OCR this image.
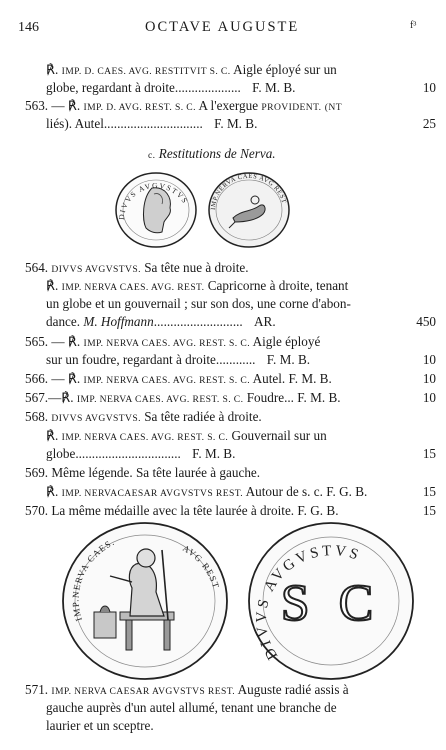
146	OCTAVE AUGUSTE	f³
℟. IMP. D. CAES. AVG. RESTITVIT S. C. Aigle éployé sur un
globe, regardant à droite.................... F. M. B.	10
563. — ℟. IMP. D. AVG. REST. S. C. A l'exergue PROVIDENT. (NT
liés). Autel.............................. F. M. B.	25
c. Restitutions de Nerva.
DIVVS AVGVSTVS
IMP.NERVA CAES AVG REST
564. DIVVS AVGVSTVS. Sa tête nue à droite.
℟. IMP. NERVA CAES. AVG. REST. Capricorne à droite, tenant
un globe et un gouvernail ; sur son dos, une corne d'abon-
dance. M. Hoffmann........................... AR.	450
565. — ℟. IMP. NERVA CAES. AVG. REST. S. C. Aigle éployé
sur un foudre, regardant à droite............ F. M. B.	10
566. — ℟. IMP. NERVA CAES. AVG. REST. S. C. Autel. F. M. B.	10
567.—℟. IMP. NERVA CAES. AVG. REST. S. C. Foudre... F. M. B.	10
568. DIVVS AVGVSTVS. Sa tête radiée à droite.
℟. IMP. NERVA CAES. AVG. REST. S. C. Gouvernail sur un
globe................................ F. M. B.	15
569. Même légende. Sa tête laurée à gauche.
℟. IMP. NERVACAESAR AVGVSTVS REST. Autour de s. c. F. G. B.	15
570. La même médaille avec la tête laurée à droite. F. G. B.	15
IMP.NERVA CAES.
AVG REST S C
DIVVS AVGVSTVS
571. IMP. NERVA CAESAR AVGVSTVS REST. Auguste radié assis à
gauche auprès d'un autel allumé, tenant une branche de
laurier et un sceptre.
